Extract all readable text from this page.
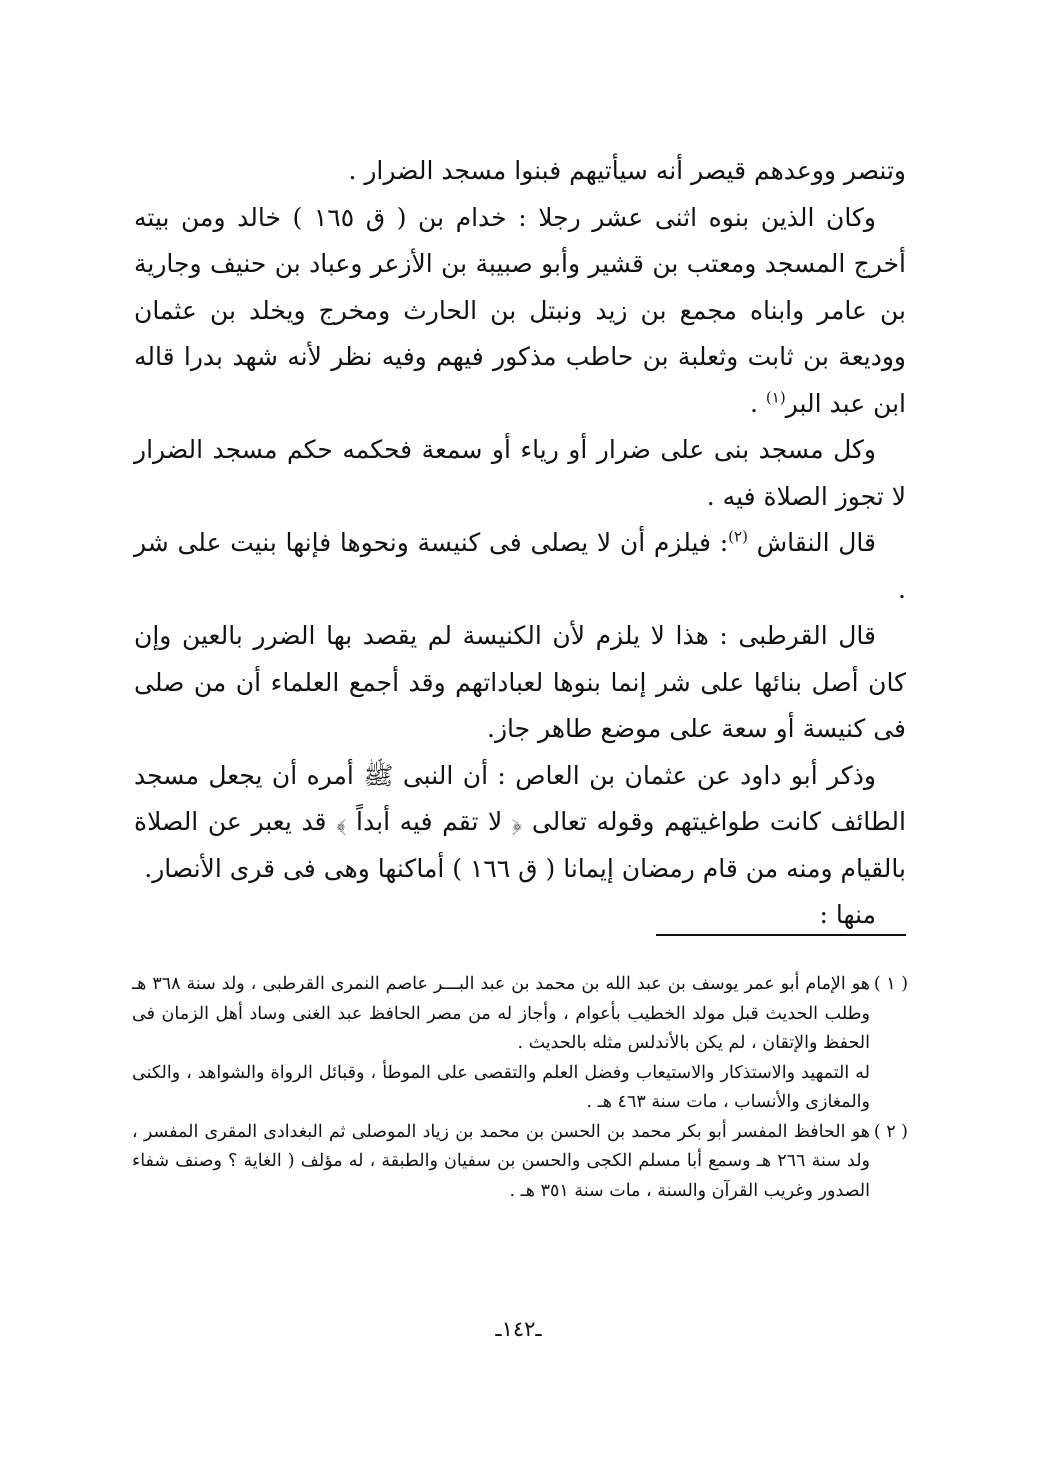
وتنصر ووعدهم قيصر أنه سيأتيهم فبنوا مسجد الضرار .

وكان الذين بنوه اثنى عشر رجلا : خدام بن ( ق ١٦٥ ) خالد ومن بيته أخرج المسجد ومعتب بن قشير وأبو صبيبة بن الأزعر وعباد بن حنيف وجارية بن عامر وابناه مجمع بن زيد ونبتل بن الحارث ومخرج ويخلد بن عثمان ووديعة بن ثابت وثعلبة بن حاطب مذكور فيهم وفيه نظر لأنه شهد بدرا قاله ابن عبد البر$^{(١)}$ .

وكل مسجد بنى على ضرار أو رياء أو سمعة فحكمه حكم مسجد الضرار لا تجوز الصلاة فيه .

قال النقاش $^{(٢)}$: فيلزم أن لا يصلى فى كنيسة ونحوها فإنها بنيت على شر .

قال القرطبى : هذا لا يلزم لأن الكنيسة لم يقصد بها الضرر بالعين وإن كان أصل بنائها على شر إنما بنوها لعباداتهم وقد أجمع العلماء أن من صلى فى كنيسة أو سعة على موضع طاهر جاز.

وذكر أبو داود عن عثمان بن العاص : أن النبى ﷺ أمره أن يجعل مسجد الطائف كانت طواغيتهم وقوله تعالى ﴿ لا تقم فيه أبداً ﴾ قد يعبر عن الصلاة بالقيام ومنه من قام رمضان إيمانا ( ق ١٦٦ ) أماكنها وهى فى قرى الأنصار.

منها :

( ١ )هو الإمام أبو عمر يوسف بن عبد الله بن محمد بن عبد البـــر عاصم النمرى القرطبى ، ولد سنة ٣٦٨ هـ وطلب الحديث قبل مولد الخطيب بأعوام ، وأجاز له من مصر الحافظ عبد الغنى وساد أهل الزمان فى الحفظ والإتقان ، لم يكن بالأندلس مثله بالحديث .

له التمهيد والاستذكار والاستيعاب وفضل العلم والتقصى على الموطأ ، وقبائل الرواة والشواهد ، والكنى والمغازى والأنساب ، مات سنة ٤٦٣ هـ .

( ٢ )هو الحافظ المفسر أبو بكر محمد بن الحسن بن محمد بن زياد الموصلى ثم البغدادى المقرى المفسر ، ولد سنة ٢٦٦ هـ وسمع أبا مسلم الكجى والحسن بن سفيان والطبقة ، له مؤلف ( الغاية ؟ وصنف شفاء الصدور وغريب القرآن والسنة ، مات سنة ٣٥١ هـ .

ـ١٤٢ـ
